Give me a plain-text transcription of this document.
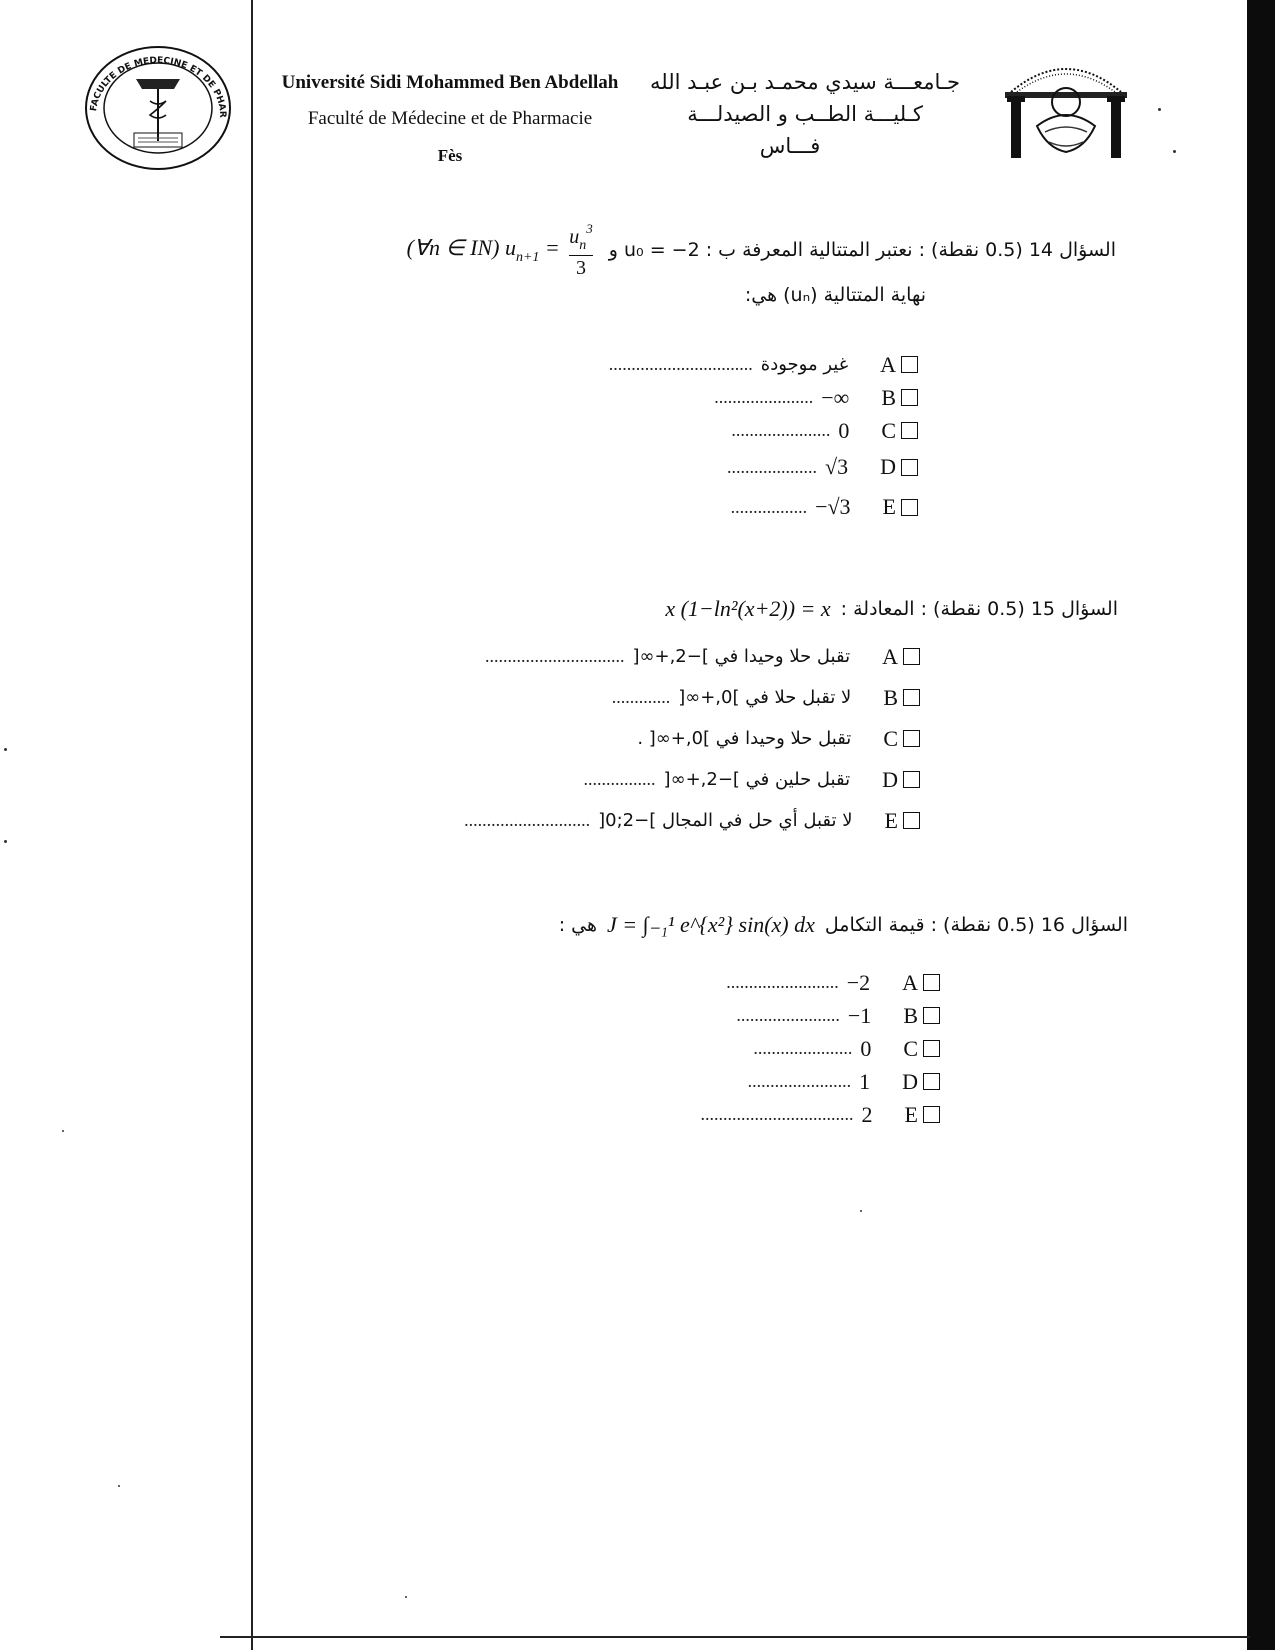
FACULTE DE MEDECINE ET DE PHAR
Université Sidi Mohammed Ben Abdellah
Faculté de Médecine et de Pharmacie
Fès
جـامعـــة سيدي محمـد بـن عبـد الله
كـليـــة الطــب و الصيدلـــة
فـــاس
(∀n ∈ IN) $u_{n+1} = \frac{u_n^3}{3}$ السؤال 14 (0.5 نقطة) : نعتبر المتتالية المعرفة ب : 2− = u₀ و
نهاية المتتالية (uₙ) هي:
................................ غير موجودة A
...................... −∞ B
...................... 0 C
.................... √3 D
................. −√3 E
x (1−ln²(x+2)) = x السؤال 15 (0.5 نقطة) : المعادلة :
............................... تقبل حلا وحيدا في ]−2,+∞[ A
............. لا تقبل حلا في ]0,+∞[ B
تقبل حلا وحيدا في ]0,+∞[ . C
................ تقبل حلين في ]−2,+∞[ D
............................ لا تقبل أي حل في المجال ]−2;0[ E
هي : J = ∫₋₁¹ e^{x²} sin(x) dx السؤال 16 (0.5 نقطة) : قيمة التكامل
......................... −2 A
....................... −1 B
...................... 0 C
....................... 1 D
.................................. 2 E
